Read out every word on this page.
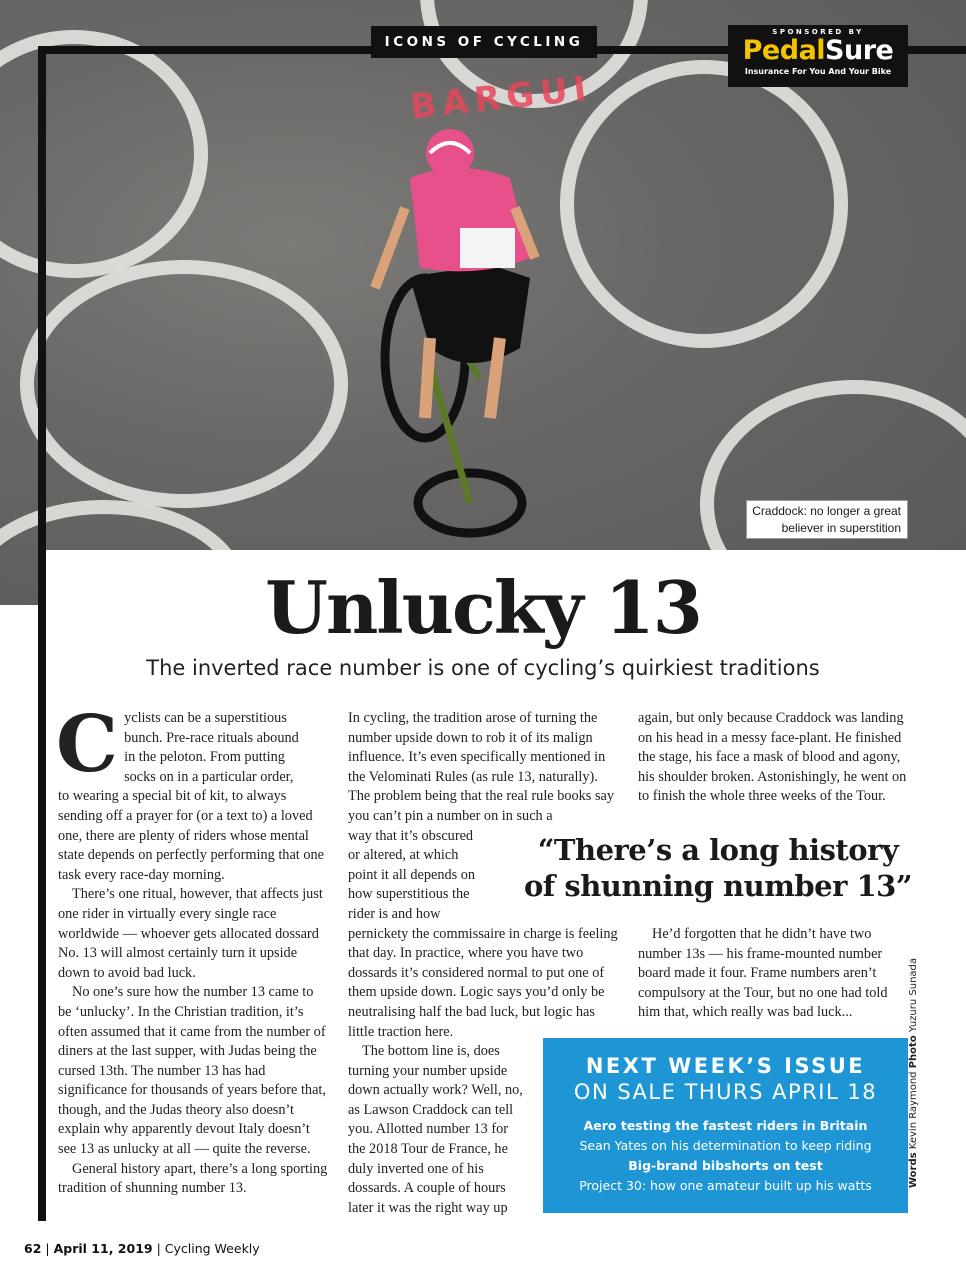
BARGUI
Craddock: no longer a great
believer in superstition
ICONS OF CYCLING
SPONSORED BY
PedalSure
Insurance For You And Your Bike
Unlucky 13
The inverted race number is one of cycling’s quirkiest traditions

C yclists can be a superstitious
bunch. Pre-race rituals abound
in the peloton. From putting
socks on in a particular order,
to wearing a special bit of kit, to always sending off a prayer for (or a text to) a loved one, there are plenty of riders whose mental state depends on perfectly performing that one task every race-day morning.

There’s one ritual, however, that affects just one rider in virtually every single race worldwide — whoever gets allocated dossard No. 13 will almost certainly turn it upside down to avoid bad luck.

No one’s sure how the number 13 came to be ‘unlucky’. In the Christian tradition, it’s often assumed that it came from the number of diners at the last supper, with Judas being the cursed 13th. The number 13 has had significance for thousands of years before that, though, and the Judas theory also doesn’t explain why apparently devout Italy doesn’t see 13 as unlucky at all — quite the reverse.

General history apart, there’s a long sporting tradition of shunning number 13.

In cycling, the tradition arose of turning the number upside down to rob it of its malign influence. It’s even specifically mentioned in the Velominati Rules (as rule 13, naturally). The problem being that the real rule books say you can’t pin a number on in such a
way that it’s obscured
or altered, at which
point it all depends on
how superstitious the
rider is and how
pernickety the commissaire in charge is feeling that day. In practice, where you have two dossards it’s considered normal to put one of them upside down. Logic says you’d only be neutralising half the bad luck, but logic has little traction here.

The bottom line is, does turning your number upside down actually work? Well, no, as Lawson Craddock can tell you. Allotted number 13 for the 2018 Tour de France, he duly inverted one of his dossards. A couple of hours later it was the right way up

again, but only because Craddock was landing on his head in a messy face-plant. He finished the stage, his face a mask of blood and agony, his shoulder broken. Astonishingly, he went on to finish the whole three weeks of the Tour.

He’d forgotten that he didn’t have two number 13s — his frame-mounted number board made it four. Frame numbers aren’t compulsory at the Tour, but no one had told him that, which really was bad luck...

“There’s a long history
of shunning number 13”
NEXT WEEK’S ISSUE
ON SALE THURS APRIL 18
Aero testing the fastest riders in Britain
Sean Yates on his determination to keep riding
Big-brand bibshorts on test
Project 30: how one amateur built up his watts	Words Kevin Raymond Photo Yuzuru Sunada
62 | April 11, 2019 | Cycling Weekly
